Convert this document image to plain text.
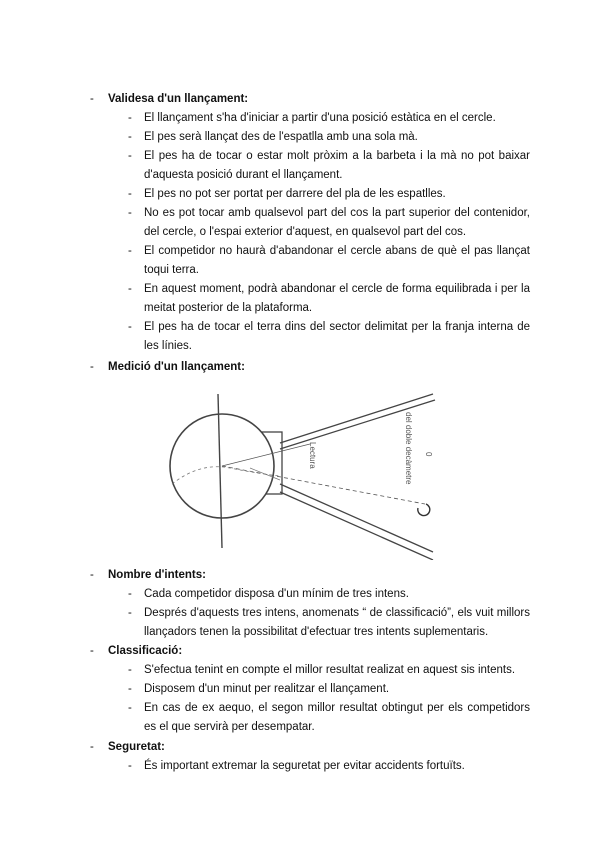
- Validesa d'un llançament:
- El llançament s'ha d'iniciar a partir d'una posició estàtica en el cercle.
- El pes serà llançat des de l'espatlla amb una sola mà.
- El pes ha de tocar o estar molt pròxim a la barbeta i la mà no pot baixar d'aquesta posició durant el llançament.
- El pes no pot ser portat per darrere del pla de les espatlles.
- No es pot tocar amb qualsevol part del cos la part superior del contenidor, del cercle, o l'espai exterior d'aquest, en qualsevol part del cos.
- El competidor no haurà d'abandonar el cercle abans de què el pas llançat toqui terra.
- En aquest moment, podrà abandonar el cercle de forma equilibrada i per la meitat posterior de la plataforma.
- El pes ha de tocar el terra dins del sector delimitat per la franja interna de les línies.
- Medició d'un llançament:
Lectura	0
del doble decàmetre
- Nombre d'intents:
- Cada competidor disposa d'un mínim de tres intens.
- Després d'aquests tres intens, anomenats “ de classificació”, els vuit millors llançadors tenen la possibilitat d'efectuar tres intents suplementaris.
- Classificació:
- S'efectua tenint en compte el millor resultat realizat en aquest sis intents.
- Disposem d'un minut per realitzar el llançament.
- En cas de ex aequo, el segon millor resultat obtingut per els competidors es el que servirà per desempatar.
- Seguretat:
- És important extremar la seguretat per evitar accidents fortuïts.
